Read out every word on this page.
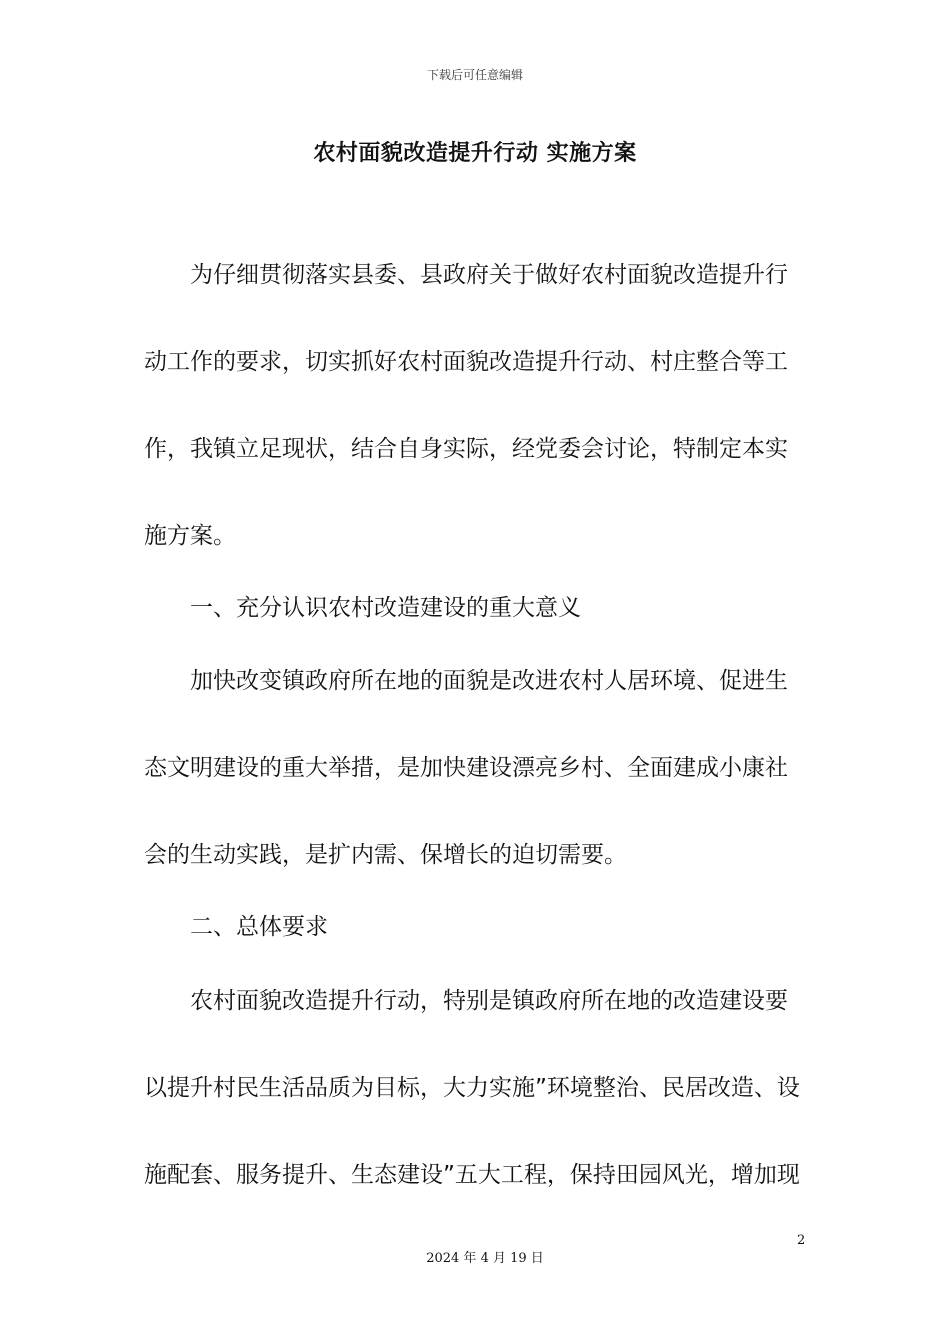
下载后可任意编辑
农村面貌改造提升行动 实施方案
为仔细贯彻落实县委、县政府关于做好农村面貌改造提升行
动工作的要求，切实抓好农村面貌改造提升行动、村庄整合等工
作，我镇立足现状，结合自身实际，经党委会讨论，特制定本实
施方案。
一、充分认识农村改造建设的重大意义
加快改变镇政府所在地的面貌是改进农村人居环境、促进生
态文明建设的重大举措，是加快建设漂亮乡村、全面建成小康社
会的生动实践，是扩内需、保增长的迫切需要。
二、总体要求
农村面貌改造提升行动，特别是镇政府所在地的改造建设要
以提升村民生活品质为目标，大力实施”环境整治、民居改造、设
施配套、服务提升、生态建设”五大工程，保持田园风光，增加现
2
2024 年 4 月 19 日
